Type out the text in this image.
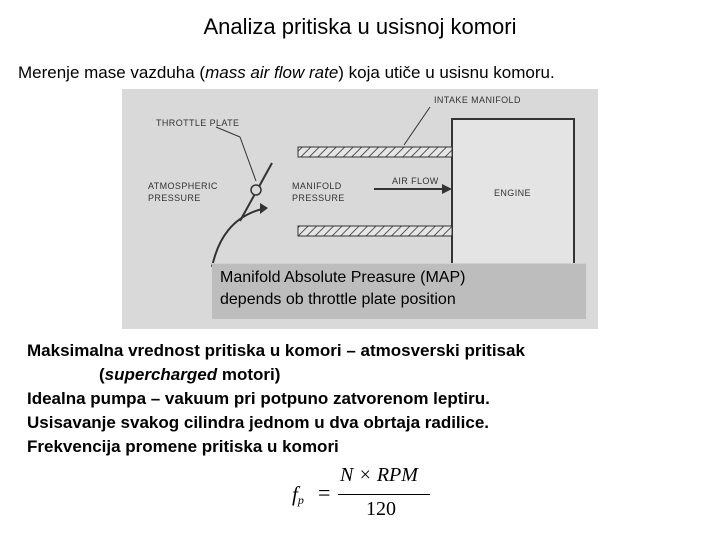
Analiza pritiska u usisnoj komori
Merenje mase vazduha (mass air flow rate) koja utiče u usisnu komoru.
INTAKE MANIFOLD
THROTTLE PLATE
ATMOSPHERIC
PRESSURE
MANIFOLD
PRESSURE
AIR FLOW
ENGINE
Manifold Absolute Preasure (MAP)
depends ob throttle plate position
Maksimalna vrednost pritiska u komori – atmosverski pritisak
(supercharged motori)
Idealna pumpa – vakuum pri potpuno zatvorenom leptiru.
Usisavanje svakog cilindra jednom u dva obrtaja radilice.
Frekvencija promene pritiska u komori
$f_p$ =
N × RPM
120
